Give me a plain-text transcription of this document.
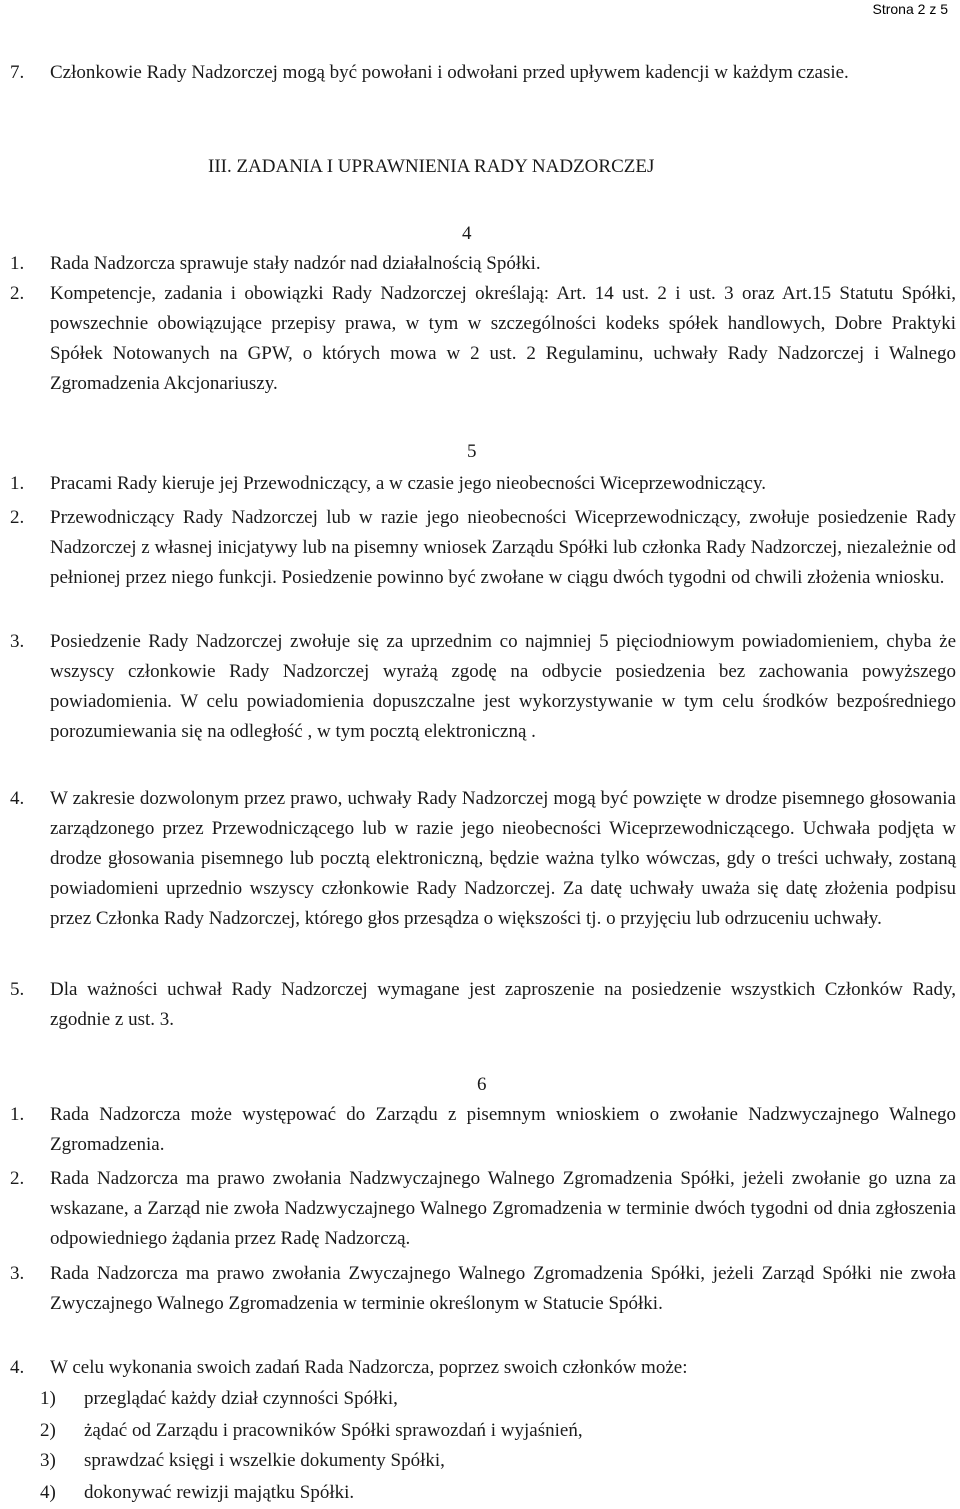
Strona 2 z 5
7.	Członkowie Rady Nadzorczej mogą być powołani i odwołani przed upływem kadencji w każdym czasie.
III. ZADANIA I UPRAWNIENIA RADY NADZORCZEJ
4
1.	Rada Nadzorcza sprawuje stały nadzór nad działalnością Spółki.
2.	Kompetencje, zadania i obowiązki Rady Nadzorczej określają: Art. 14 ust. 2 i ust. 3 oraz Art.15 Statutu Spółki, powszechnie obowiązujące przepisy prawa, w tym w szczególności kodeks spółek handlowych, Dobre Praktyki Spółek Notowanych na GPW, o których mowa w 2 ust. 2 Regulaminu, uchwały Rady Nadzorczej i Walnego Zgromadzenia Akcjonariuszy.
5
1.	Pracami Rady kieruje jej Przewodniczący, a w czasie jego nieobecności Wiceprzewodniczący.
2.	Przewodniczący Rady Nadzorczej lub w razie jego nieobecności Wiceprzewodniczący, zwołuje posiedzenie Rady Nadzorczej z własnej inicjatywy lub na pisemny wniosek Zarządu Spółki lub członka Rady Nadzorczej, niezależnie od pełnionej przez niego funkcji. Posiedzenie powinno być zwołane w ciągu dwóch tygodni od chwili złożenia wniosku.
3.	Posiedzenie Rady Nadzorczej zwołuje się za uprzednim co najmniej 5 pięciodniowym powiadomieniem, chyba że wszyscy członkowie Rady Nadzorczej wyrażą zgodę na odbycie posiedzenia bez zachowania powyższego powiadomienia. W celu powiadomienia dopuszczalne jest wykorzystywanie w tym celu środków bezpośredniego porozumiewania się na odległość , w tym pocztą elektroniczną .
4.	W zakresie dozwolonym przez prawo, uchwały Rady Nadzorczej mogą być powzięte w drodze pisemnego głosowania zarządzonego przez Przewodniczącego lub w razie jego nieobecności Wiceprzewodniczącego. Uchwała podjęta w drodze głosowania pisemnego lub pocztą elektroniczną, będzie ważna tylko wówczas, gdy o treści uchwały, zostaną powiadomieni uprzednio wszyscy członkowie Rady Nadzorczej. Za datę uchwały uważa się datę złożenia podpisu przez Członka Rady Nadzorczej, którego głos przesądza o większości tj. o przyjęciu lub odrzuceniu uchwały.
5.	Dla ważności uchwał Rady Nadzorczej wymagane jest zaproszenie na posiedzenie wszystkich Członków Rady, zgodnie z ust. 3.
6
1.	Rada Nadzorcza może występować do Zarządu z pisemnym wnioskiem o zwołanie Nadzwyczajnego Walnego Zgromadzenia.
2.	Rada Nadzorcza ma prawo zwołania Nadzwyczajnego Walnego Zgromadzenia Spółki, jeżeli zwołanie go uzna za wskazane, a Zarząd nie zwoła Nadzwyczajnego Walnego Zgromadzenia w terminie dwóch tygodni od dnia zgłoszenia odpowiedniego żądania przez Radę Nadzorczą.
3.	Rada Nadzorcza ma prawo zwołania Zwyczajnego Walnego Zgromadzenia Spółki, jeżeli Zarząd Spółki nie zwoła Zwyczajnego Walnego Zgromadzenia w terminie określonym w Statucie Spółki.
4.	W celu wykonania swoich zadań Rada Nadzorcza, poprzez swoich członków może:
1)	przeglądać każdy dział czynności Spółki,
2)	żądać od Zarządu i pracowników Spółki sprawozdań i wyjaśnień,
3)	sprawdzać księgi i wszelkie dokumenty Spółki,
4)	dokonywać rewizji majątku Spółki.
